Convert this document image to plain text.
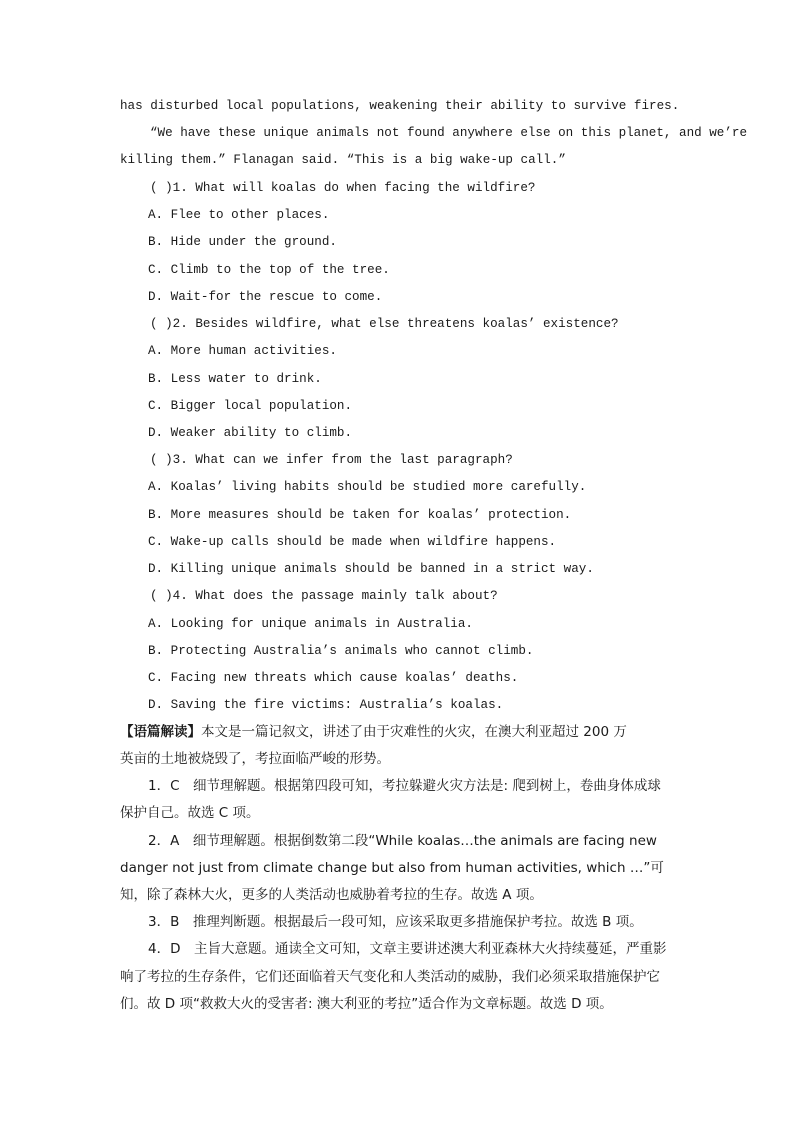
has disturbed local populations, weakening their ability to survive fires.
“We have these unique animals not found anywhere else on this planet, and we’re
killing them.” Flanagan said. “This is a big wake-up call.”
( )1. What will koalas do when facing the wildfire?
A. Flee to other places.
B. Hide under the ground.
C. Climb to the top of the tree.
D. Wait-for the rescue to come.
( )2. Besides wildfire, what else threatens koalas’ existence?
A. More human activities.
B. Less water to drink.
C. Bigger local population.
D. Weaker ability to climb.
( )3. What can we infer from the last paragraph?
A. Koalas’ living habits should be studied more carefully.
B. More measures should be taken for koalas’ protection.
C. Wake-up calls should be made when wildfire happens.
D. Killing unique animals should be banned in a strict way.
( )4. What does the passage mainly talk about?
A. Looking for unique animals in Australia.
B. Protecting Australia’s animals who cannot climb.
C. Facing new threats which cause koalas’ deaths.
D. Saving the fire victims: Australia’s koalas.
【语篇解读】本文是一篇记叙文，讲述了由于灾难性的火灾，在澳大利亚超过 200 万
英亩的土地被烧毁了，考拉面临严峻的形势。
1．C　细节理解题。根据第四段可知，考拉躲避火灾方法是: 爬到树上，卷曲身体成球
保护自己。故选 C 项。
2．A　细节理解题。根据倒数第二段“While koalas…the animals are facing new
danger not just from climate change but also from human activities, which …”可
知，除了森林大火，更多的人类活动也威胁着考拉的生存。故选 A 项。
3．B　推理判断题。根据最后一段可知，应该采取更多措施保护考拉。故选 B 项。
4．D　主旨大意题。通读全文可知，文章主要讲述澳大利亚森林大火持续蔓延，严重影
响了考拉的生存条件，它们还面临着天气变化和人类活动的威胁，我们必须采取措施保护它
们。故 D 项“救救大火的受害者: 澳大利亚的考拉”适合作为文章标题。故选 D 项。
